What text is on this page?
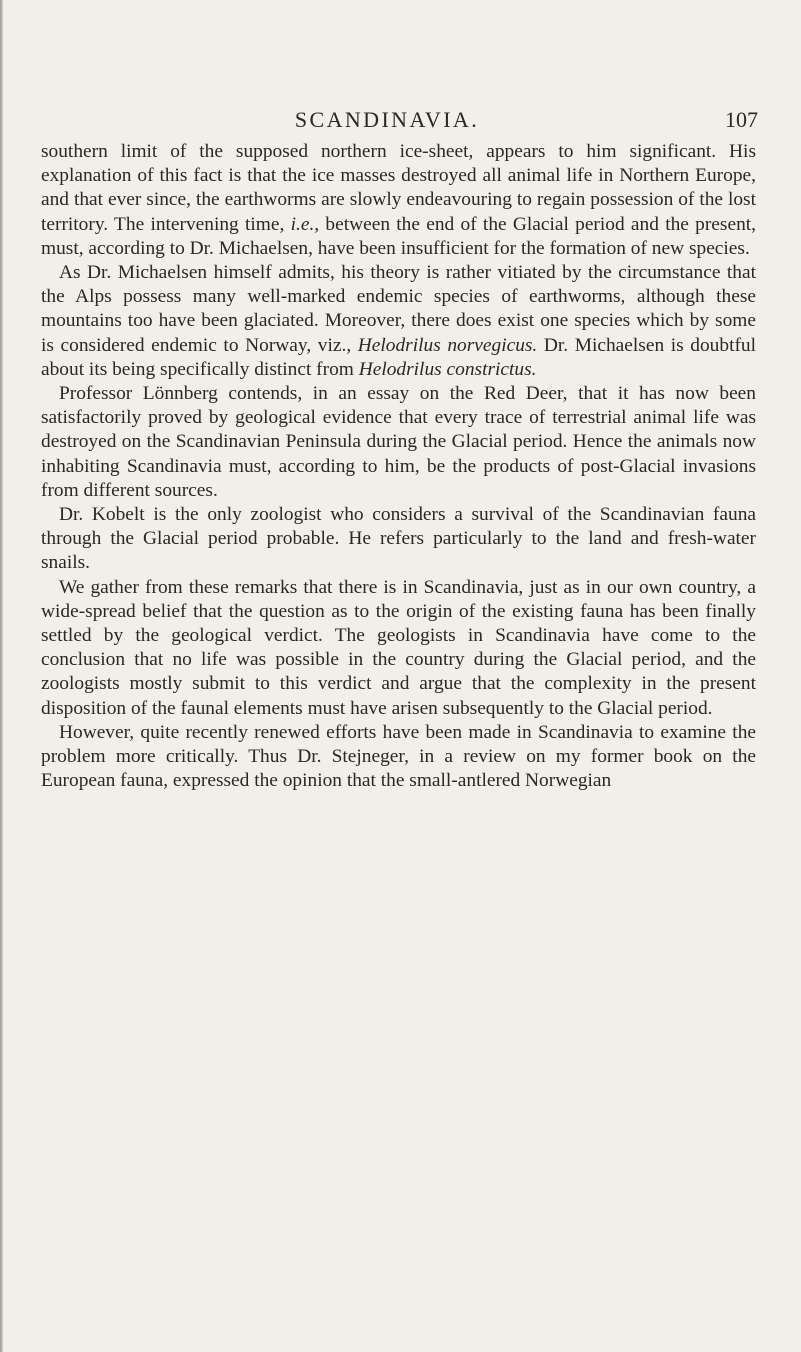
SCANDINAVIA.	107

southern limit of the supposed northern ice-sheet, appears to him significant. His explanation of this fact is that the ice masses destroyed all animal life in Northern Europe, and that ever since, the earthworms are slowly endeavouring to regain possession of the lost territory. The intervening time, i.e., between the end of the Glacial period and the present, must, according to Dr. Michaelsen, have been insufficient for the formation of new species.

As Dr. Michaelsen himself admits, his theory is rather vitiated by the circumstance that the Alps possess many well-marked endemic species of earthworms, although these mountains too have been glaciated. Moreover, there does exist one species which by some is considered endemic to Norway, viz., Helodrilus norvegicus. Dr. Michaelsen is doubtful about its being specifically distinct from Helodrilus constrictus.

Professor Lönnberg contends, in an essay on the Red Deer, that it has now been satisfactorily proved by geological evidence that every trace of terrestrial animal life was destroyed on the Scandinavian Peninsula during the Glacial period. Hence the animals now inhabiting Scandinavia must, according to him, be the products of post-Glacial invasions from different sources.

Dr. Kobelt is the only zoologist who considers a survival of the Scandinavian fauna through the Glacial period probable. He refers particularly to the land and fresh-water snails.

We gather from these remarks that there is in Scandinavia, just as in our own country, a wide-spread belief that the question as to the origin of the existing fauna has been finally settled by the geological verdict. The geologists in Scandinavia have come to the conclusion that no life was possible in the country during the Glacial period, and the zoologists mostly submit to this verdict and argue that the complexity in the present disposition of the faunal elements must have arisen subsequently to the Glacial period.

However, quite recently renewed efforts have been made in Scandinavia to examine the problem more critically. Thus Dr. Stejneger, in a review on my former book on the European fauna, expressed the opinion that the small-antlered Norwegian
